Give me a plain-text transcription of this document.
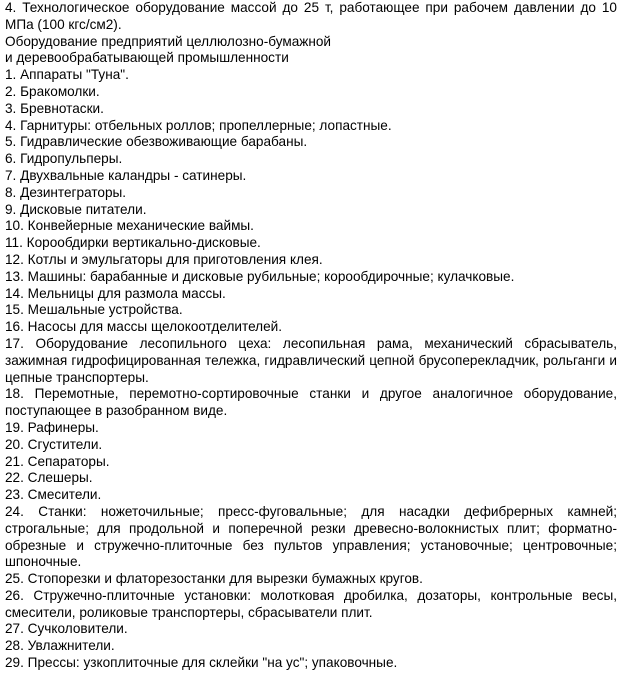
4. Технологическое оборудование массой до 25 т, работающее при рабочем давлении до 10 МПа (100 кгс/см2).

Оборудование предприятий целлюлозно-бумажной
и деревообрабатывающей промышленности
1. Аппараты "Туна".
2. Бракомолки.
3. Бревнотаски.
4. Гарнитуры: отбельных роллов; пропеллерные; лопастные.
5. Гидравлические обезвоживающие барабаны.
6. Гидропульперы.
7. Двухвальные каландры - сатинеры.
8. Дезинтеграторы.
9. Дисковые питатели.
10. Конвейерные механические ваймы.
11. Корообдирки вертикально-дисковые.
12. Котлы и эмульгаторы для приготовления клея.
13. Машины: барабанные и дисковые рубильные; корообдирочные; кулачковые.
14. Мельницы для размола массы.
15. Мешальные устройства.
16. Насосы для массы щелокоотделителей.
17. Оборудование лесопильного цеха: лесопильная рама, механический сбрасыватель, зажимная гидрофицированная тележка, гидравлический цепной брусоперекладчик, рольганги и цепные транспортеры.
18. Перемотные, перемотно-сортировочные станки и другое аналогичное оборудование, поступающее в разобранном виде.
19. Рафинеры.
20. Сгустители.
21. Сепараторы.
22. Слешеры.
23. Смесители.
24. Станки: ножеточильные; пресс-фуговальные; для насадки дефибрерных камней; строгальные; для продольной и поперечной резки древесно-волокнистых плит; форматно-обрезные и стружечно-плиточные без пультов управления; установочные; центровочные; шпоночные.
25. Стопорезки и флаторезостанки для вырезки бумажных кругов.
26. Стружечно-плиточные установки: молотковая дробилка, дозаторы, контрольные весы, смесители, роликовые транспортеры, сбрасыватели плит.
27. Сучколовители.
28. Увлажнители.
29. Прессы: узкоплиточные для склейки "на ус"; упаковочные.
